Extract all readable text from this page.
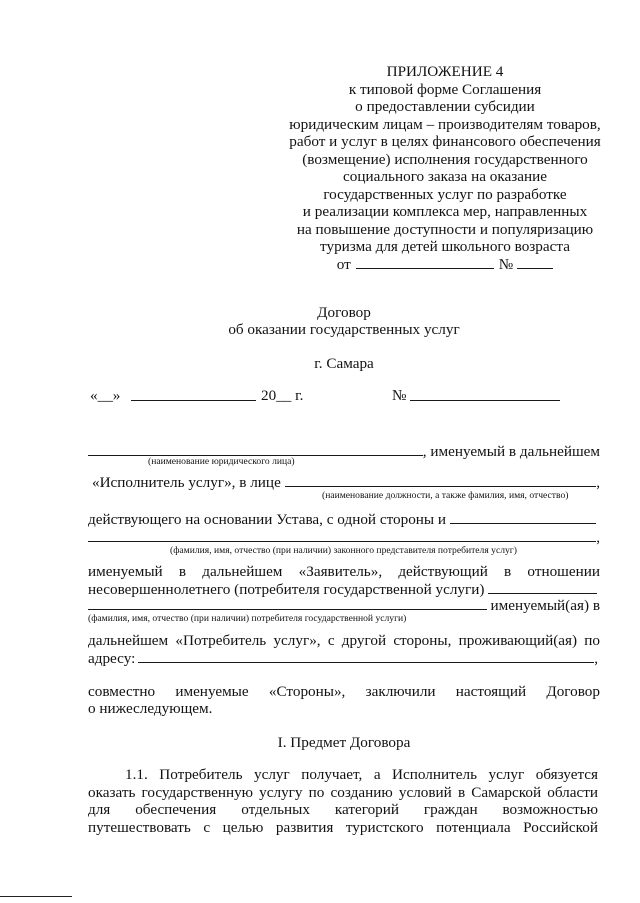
ПРИЛОЖЕНИЕ 4
к типовой форме Соглашения
о предоставлении субсидии
юридическим лицам – производителям товаров,
работ и услуг в целях финансового обеспечения
(возмещение) исполнения государственного
социального заказа на оказание
государственных услуг по разработке
и реализации комплекса мер, направленных
на повышение доступности и популяризацию
туризма для детей школьного возраста
от	№
Договор
об оказании государственных услуг
г. Самара
«__»	20__ г.	№
, именуемый в дальнейшем
(наименование юридического лица)
«Исполнитель услуг», в лице	,
(наименование должности, а также фамилия, имя, отчество)
действующего на основании Устава, с одной стороны и
,
(фамилия, имя, отчество (при наличии) законного представителя потребителя услуг)
именуемый в дальнейшем «Заявитель», действующий в отношении
несовершеннолетнего (потребителя государственной услуги)
именуемый(ая) в
(фамилия, имя, отчество (при наличии) потребителя государственной услуги)
дальнейшем «Потребитель услуг», с другой стороны, проживающий(ая) по
адресу:	,
совместно именуемые «Стороны», заключили настоящий Договор
о нижеследующем.
I. Предмет Договора
1.1. Потребитель услуг получает, а Исполнитель услуг обязуется
оказать государственную услугу по созданию условий в Самарской области
для обеспечения отдельных категорий граждан возможностью
путешествовать с целью развития туристского потенциала Российской
